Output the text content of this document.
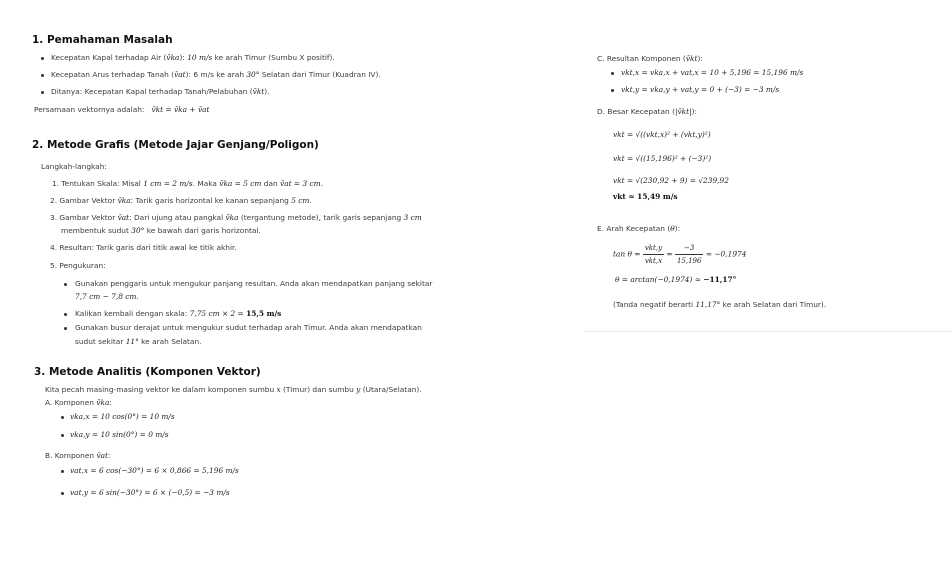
1. Pemahaman Masalah
Kecepatan Kapal terhadap Air (v̄ka): 10 m/s ke arah Timur (Sumbu X positif).
Kecepatan Arus terhadap Tanah (v̄at): 6 m/s ke arah 30° Selatan dari Timur (Kuadran IV).
Ditanya: Kecepatan Kapal terhadap Tanah/Pelabuhan (v̄kt).
Persamaan vektornya adalah: v̄kt = v̄ka + v̄at
2. Metode Grafis (Metode Jajar Genjang/Poligon)
Langkah-langkah:
1. Tentukan Skala: Misal 1 cm = 2 m/s. Maka v̄ka = 5 cm dan v̄at = 3 cm.
2. Gambar Vektor v̄ka: Tarik garis horizontal ke kanan sepanjang 5 cm.
3. Gambar Vektor v̄at: Dari ujung atau pangkal v̄ka (tergantung metode), tarik garis sepanjang 3 cm
membentuk sudut 30° ke bawah dari garis horizontal.
4. Resultan: Tarik garis dari titik awal ke titik akhir.
5. Pengukuran:
Gunakan penggaris untuk mengukur panjang resultan. Anda akan mendapatkan panjang sekitar
7,7 cm − 7,8 cm.
Kalikan kembali dengan skala: 7,75 cm × 2 = 15,5 m/s
Gunakan busur derajat untuk mengukur sudut terhadap arah Timur. Anda akan mendapatkan
sudut sekitar 11° ke arah Selatan.
3. Metode Analitis (Komponen Vektor)
Kita pecah masing-masing vektor ke dalam komponen sumbu x (Timur) dan sumbu y (Utara/Selatan).
A. Komponen v̄ka:
vka,x = 10 cos(0°) = 10 m/s
vka,y = 10 sin(0°) = 0 m/s
B. Komponen v̄at:
vat,x = 6 cos(−30°) = 6 × 0,866 = 5,196 m/s
vat,y = 6 sin(−30°) = 6 × (−0,5) = −3 m/s
C. Resultan Komponen (v̄kt):
vkt,x = vka,x + vat,x = 10 + 5,196 = 15,196 m/s
vkt,y = vka,y + vat,y = 0 + (−3) = −3 m/s
D. Besar Kecepatan (|v̄kt|):
vkt = √((vkt,x)² + (vkt,y)²)
vkt = √((15,196)² + (−3)²)
vkt = √(230,92 + 9) = √239,92
vkt ≈ 15,49 m/s
E. Arah Kecepatan (θ):
$\tan \theta = \frac{\text{vkt,y}}{\text{vkt,x}} = \frac{-3}{15,196} \approx -0,1974$
θ = arctan(−0,1974) ≈ −11,17°
(Tanda negatif berarti 11,17° ke arah Selatan dari Timur).
